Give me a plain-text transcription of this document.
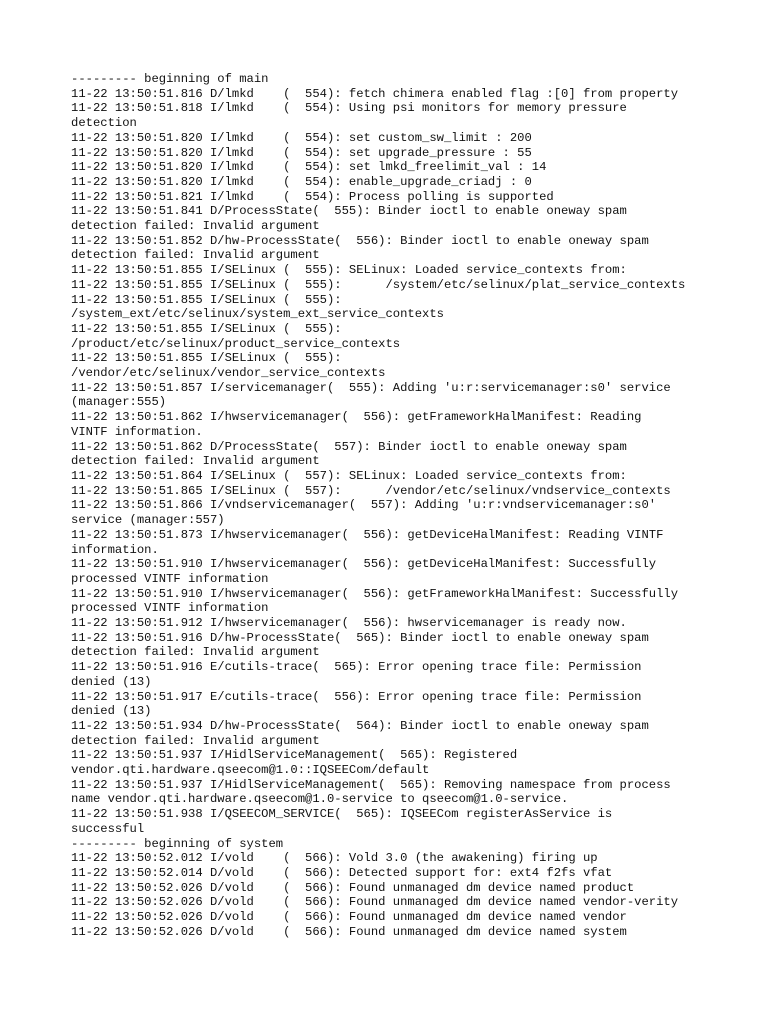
--------- beginning of main
11-22 13:50:51.816 D/lmkd    (  554): fetch chimera enabled flag :[0] from property
11-22 13:50:51.818 I/lmkd    (  554): Using psi monitors for memory pressure
detection
11-22 13:50:51.820 I/lmkd    (  554): set custom_sw_limit : 200
11-22 13:50:51.820 I/lmkd    (  554): set upgrade_pressure : 55
11-22 13:50:51.820 I/lmkd    (  554): set lmkd_freelimit_val : 14
11-22 13:50:51.820 I/lmkd    (  554): enable_upgrade_criadj : 0
11-22 13:50:51.821 I/lmkd    (  554): Process polling is supported
11-22 13:50:51.841 D/ProcessState(  555): Binder ioctl to enable oneway spam
detection failed: Invalid argument
11-22 13:50:51.852 D/hw-ProcessState(  556): Binder ioctl to enable oneway spam
detection failed: Invalid argument
11-22 13:50:51.855 I/SELinux (  555): SELinux: Loaded service_contexts from:
11-22 13:50:51.855 I/SELinux (  555):      /system/etc/selinux/plat_service_contexts
11-22 13:50:51.855 I/SELinux (  555):
/system_ext/etc/selinux/system_ext_service_contexts
11-22 13:50:51.855 I/SELinux (  555):
/product/etc/selinux/product_service_contexts
11-22 13:50:51.855 I/SELinux (  555):
/vendor/etc/selinux/vendor_service_contexts
11-22 13:50:51.857 I/servicemanager(  555): Adding 'u:r:servicemanager:s0' service
(manager:555)
11-22 13:50:51.862 I/hwservicemanager(  556): getFrameworkHalManifest: Reading
VINTF information.
11-22 13:50:51.862 D/ProcessState(  557): Binder ioctl to enable oneway spam
detection failed: Invalid argument
11-22 13:50:51.864 I/SELinux (  557): SELinux: Loaded service_contexts from:
11-22 13:50:51.865 I/SELinux (  557):      /vendor/etc/selinux/vndservice_contexts
11-22 13:50:51.866 I/vndservicemanager(  557): Adding 'u:r:vndservicemanager:s0'
service (manager:557)
11-22 13:50:51.873 I/hwservicemanager(  556): getDeviceHalManifest: Reading VINTF
information.
11-22 13:50:51.910 I/hwservicemanager(  556): getDeviceHalManifest: Successfully
processed VINTF information
11-22 13:50:51.910 I/hwservicemanager(  556): getFrameworkHalManifest: Successfully
processed VINTF information
11-22 13:50:51.912 I/hwservicemanager(  556): hwservicemanager is ready now.
11-22 13:50:51.916 D/hw-ProcessState(  565): Binder ioctl to enable oneway spam
detection failed: Invalid argument
11-22 13:50:51.916 E/cutils-trace(  565): Error opening trace file: Permission
denied (13)
11-22 13:50:51.917 E/cutils-trace(  556): Error opening trace file: Permission
denied (13)
11-22 13:50:51.934 D/hw-ProcessState(  564): Binder ioctl to enable oneway spam
detection failed: Invalid argument
11-22 13:50:51.937 I/HidlServiceManagement(  565): Registered
vendor.qti.hardware.qseecom@1.0::IQSEECom/default
11-22 13:50:51.937 I/HidlServiceManagement(  565): Removing namespace from process
name vendor.qti.hardware.qseecom@1.0-service to qseecom@1.0-service.
11-22 13:50:51.938 I/QSEECOM_SERVICE(  565): IQSEECom registerAsService is
successful
--------- beginning of system
11-22 13:50:52.012 I/vold    (  566): Vold 3.0 (the awakening) firing up
11-22 13:50:52.014 D/vold    (  566): Detected support for: ext4 f2fs vfat
11-22 13:50:52.026 D/vold    (  566): Found unmanaged dm device named product
11-22 13:50:52.026 D/vold    (  566): Found unmanaged dm device named vendor-verity
11-22 13:50:52.026 D/vold    (  566): Found unmanaged dm device named vendor
11-22 13:50:52.026 D/vold    (  566): Found unmanaged dm device named system
